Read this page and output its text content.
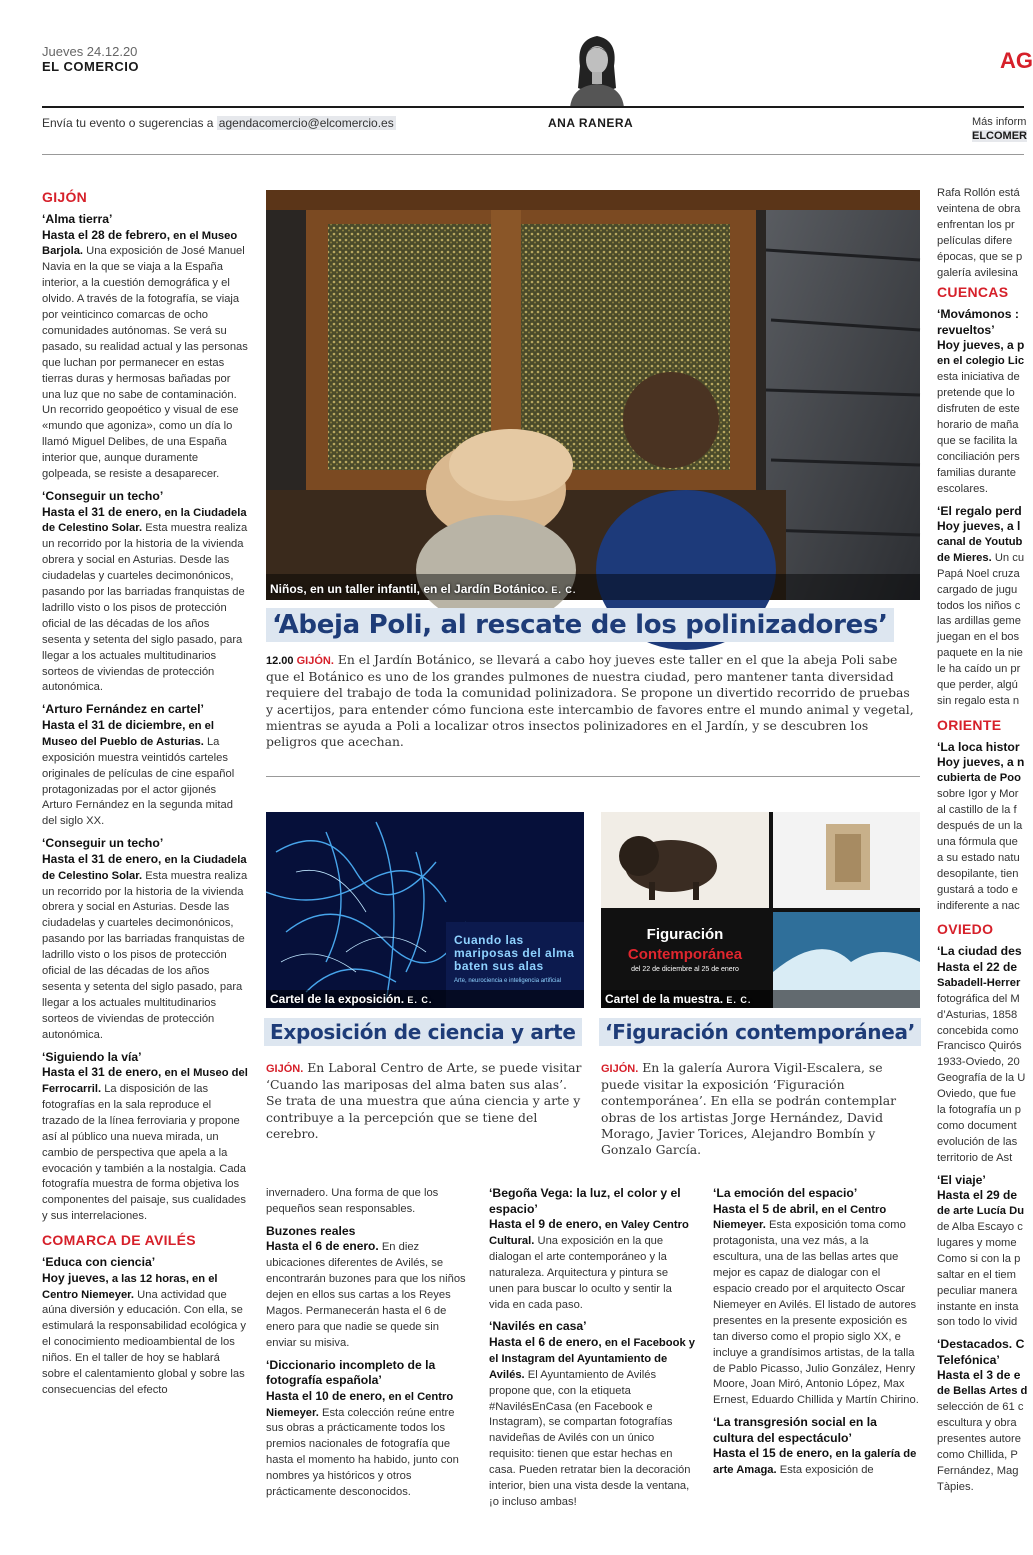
Jueves 24.12.20
EL COMERCIO	AG
Envía tu evento o sugerencias a agendacomercio@elcomercio.es	ANA RANERA	Más inform
ELCOMER
GIJÓN
‘Alma tierra’
Hasta el 28 de febrero, en el Museo Barjola. Una exposición de José Manuel Navia en la que se viaja a la España interior, a la cuestión demográfica y el olvido. A través de la fotografía, se viaja por veinticinco comarcas de ocho comunidades autónomas. Se verá su pasado, su realidad actual y las personas que luchan por permanecer en estas tierras duras y hermosas bañadas por una luz que no sabe de contaminación. Un recorrido geopoético y visual de ese «mundo que agoniza», como un día lo llamó Miguel Delibes, de una España interior que, aunque duramente golpeada, se resiste a desaparecer.
‘Conseguir un techo’
Hasta el 31 de enero, en la Ciudadela de Celestino Solar. Esta muestra realiza un recorrido por la historia de la vivienda obrera y social en Asturias. Desde las ciudadelas y cuarteles decimonónicos, pasando por las barriadas franquistas de ladrillo visto o los pisos de protección oficial de las décadas de los años sesenta y setenta del siglo pasado, para llegar a los actuales multitudinarios sorteos de viviendas de protección autonómica.
‘Arturo Fernández en cartel’
Hasta el 31 de diciembre, en el Museo del Pueblo de Asturias. La exposición muestra veintidós carteles originales de películas de cine español protagonizadas por el actor gijonés Arturo Fernández en la segunda mitad del siglo XX.
‘Conseguir un techo’
Hasta el 31 de enero, en la Ciudadela de Celestino Solar. Esta muestra realiza un recorrido por la historia de la vivienda obrera y social en Asturias. Desde las ciudadelas y cuarteles decimonónicos, pasando por las barriadas franquistas de ladrillo visto o los pisos de protección oficial de las décadas de los años sesenta y setenta del siglo pasado, para llegar a los actuales multitudinarios sorteos de viviendas de protección autonómica.
‘Siguiendo la vía’
Hasta el 31 de enero, en el Museo del Ferrocarril. La disposición de las fotografías en la sala reproduce el trazado de la línea ferroviaria y propone así al público una nueva mirada, un cambio de perspectiva que apela a la evocación y también a la nostalgia. Cada fotografía muestra de forma objetiva los componentes del paisaje, sus cualidades y sus interrelaciones.
COMARCA DE AVILÉS
‘Educa con ciencia’
Hoy jueves, a las 12 horas, en el Centro Niemeyer. Una actividad que aúna diversión y educación. Con ella, se estimulará la responsabilidad ecológica y el conocimiento medioambiental de los niños. En el taller de hoy se hablará sobre el calentamiento global y sobre las consecuencias del efecto
Niños, en un taller infantil, en el Jardín Botánico. E. C.
‘Abeja Poli, al rescate de los polinizadores’
12.00 GIJÓN. En el Jardín Botánico, se llevará a cabo hoy jueves este taller en el que la abeja Poli sabe que el Botánico es uno de los grandes pulmones de nuestra ciudad, pero mantener tanta diversidad requiere del trabajo de toda la comunidad polinizadora. Se propone un divertido recorrido de pruebas y acertijos, para entender cómo funciona este intercambio de favores entre el mundo animal y vegetal, mientras se ayuda a Poli a localizar otros insectos polinizadores en el Jardín, y se descubren los peligros que acechan.
Cuando las mariposas del alma baten sus alas
Arte, neurociencia e inteligencia artificial
Cartel de la exposición. E. C.
Exposición de ciencia y arte
GIJÓN. En Laboral Centro de Arte, se puede visitar ‘Cuando las mariposas del alma baten sus alas’. Se trata de una muestra que aúna ciencia y arte y contribuye a la percepción que se tiene del cerebro.
Figuración
Contemporánea
del 22 de diciembre al 25 de enero
Cartel de la muestra. E. C.
‘Figuración contemporánea’
GIJÓN. En la galería Aurora Vigil-Escalera, se puede visitar la exposición ‘Figuración contemporánea’. En ella se podrán contemplar obras de los artistas Jorge Hernández, David Morago, Javier Torices, Alejandro Bombín y Gonzalo García.
invernadero. Una forma de que los pequeños sean responsables.
Buzones reales
Hasta el 6 de enero. En diez ubicaciones diferentes de Avilés, se encontrarán buzones para que los niños dejen en ellos sus cartas a los Reyes Magos. Permanecerán hasta el 6 de enero para que nadie se quede sin enviar su misiva.
‘Diccionario incompleto de la fotografía española’
Hasta el 10 de enero, en el Centro Niemeyer. Esta colección reúne entre sus obras a prácticamente todos los premios nacionales de fotografía que hasta el momento ha habido, junto con nombres ya históricos y otros prácticamente desconocidos.
‘Begoña Vega: la luz, el color y el espacio’
Hasta el 9 de enero, en Valey Centro Cultural. Una exposición en la que dialogan el arte contemporáneo y la naturaleza. Arquitectura y pintura se unen para buscar lo oculto y sentir la vida en cada paso.
‘Navilés en casa’
Hasta el 6 de enero, en el Facebook y el Instagram del Ayuntamiento de Avilés. El Ayuntamiento de Avilés propone que, con la etiqueta #NavilésEnCasa (en Facebook e Instagram), se compartan fotografías navideñas de Avilés con un único requisito: tienen que estar hechas en casa. Pueden retratar bien la decoración interior, bien una vista desde la ventana, ¡o incluso ambas!
‘La emoción del espacio’
Hasta el 5 de abril, en el Centro Niemeyer. Esta exposición toma como protagonista, una vez más, a la escultura, una de las bellas artes que mejor es capaz de dialogar con el espacio creado por el arquitecto Oscar Niemeyer en Avilés. El listado de autores presentes en la presente exposición es tan diverso como el propio siglo XX, e incluye a grandísimos artistas, de la talla de Pablo Picasso, Julio González, Henry Moore, Joan Miró, Antonio López, Max Ernest, Eduardo Chillida y Martín Chirino.
‘La transgresión social en la cultura del espectáculo’
Hasta el 15 de enero, en la galería de arte Amaga. Esta exposición de
Rafa Rollón está
veintena de obra
enfrentan los pr
películas difere
épocas, que se p
galería avilesina
CUENCAS
‘Movámonos :
revueltos’
Hoy jueves, a p
en el colegio Lic
esta iniciativa de
pretende que lo
disfruten de este
horario de maña
que se facilita la
conciliación pers
familias durante
escolares.
‘El regalo perd
Hoy jueves, a l
canal de Youtub
de Mieres. Un cu
Papá Noel cruza
cargado de jugu
todos los niños c
las ardillas geme
juegan en el bos
paquete en la nie
le ha caído un pr
que perder, algú
sin regalo esta n
ORIENTE
‘La loca histor
Hoy jueves, a n
cubierta de Poo
sobre Igor y Mor
al castillo de la f
después de un la
una fórmula que
a su estado natu
desopilante, tien
gustará a todo e
indiferente a nac
OVIEDO
‘La ciudad des
Hasta el 22 de
Sabadell-Herrer
fotográfica del M
d’Asturias, 1858
concebida como
Francisco Quirós
1933-Oviedo, 20
Geografía de la U
Oviedo, que fue
la fotografía un p
como document
evolución de las
territorio de Ast
‘El viaje’
Hasta el 29 de
de arte Lucía Du
de Alba Escayo c
lugares y mome
Como si con la p
saltar en el tiem
peculiar manera
instante en insta
son todo lo vivid
‘Destacados. C
Telefónica’
Hasta el 3 de e
de Bellas Artes d
selección de 61 c
escultura y obra
presentes autore
como Chillida, P
Fernández, Mag
Tàpies.
